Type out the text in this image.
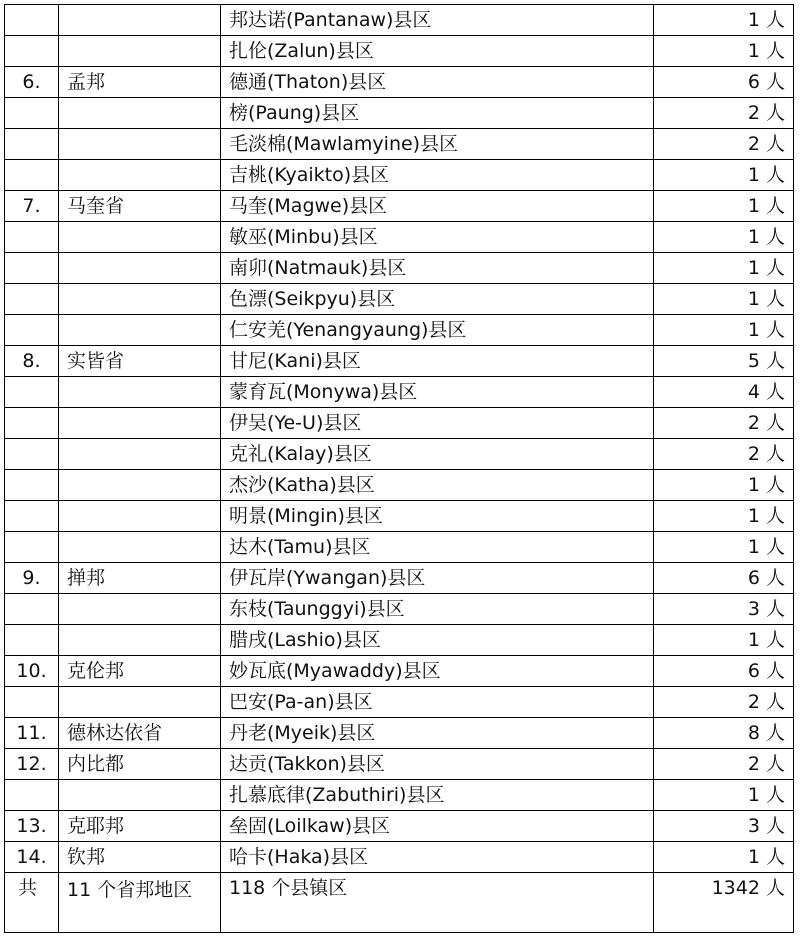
		邦达诺(Pantanaw)县区	1 人
		扎伦(Zalun)县区	1 人
6.	孟邦	德通(Thaton)县区	6 人
		榜(Paung)县区	2 人
		毛淡棉(Mawlamyine)县区	2 人
		吉桃(Kyaikto)县区	1 人
7.	马奎省	马奎(Magwe)县区	1 人
		敏巫(Minbu)县区	1 人
		南卯(Natmauk)县区	1 人
		色漂(Seikpyu)县区	1 人
		仁安羌(Yenangyaung)县区	1 人
8.	实皆省	甘尼(Kani)县区	5 人
		蒙育瓦(Monywa)县区	4 人
		伊吴(Ye-U)县区	2 人
		克礼(Kalay)县区	2 人
		杰沙(Katha)县区	1 人
		明景(Mingin)县区	1 人
		达木(Tamu)县区	1 人
9.	掸邦	伊瓦岸(Ywangan)县区	6 人
		东枝(Taunggyi)县区	3 人
		腊戌(Lashio)县区	1 人
10.	克伦邦	妙瓦底(Myawaddy)县区	6 人
		巴安(Pa-an)县区	2 人
11.	德林达依省	丹老(Myeik)县区	8 人
12.	内比都	达贡(Takkon)县区	2 人
		扎慕底律(Zabuthiri)县区	1 人
13.	克耶邦	垒固(Loilkaw)县区	3 人
14.	钦邦	哈卡(Haka)县区	1 人
共	11 个省邦地区	118 个县镇区	1342 人
